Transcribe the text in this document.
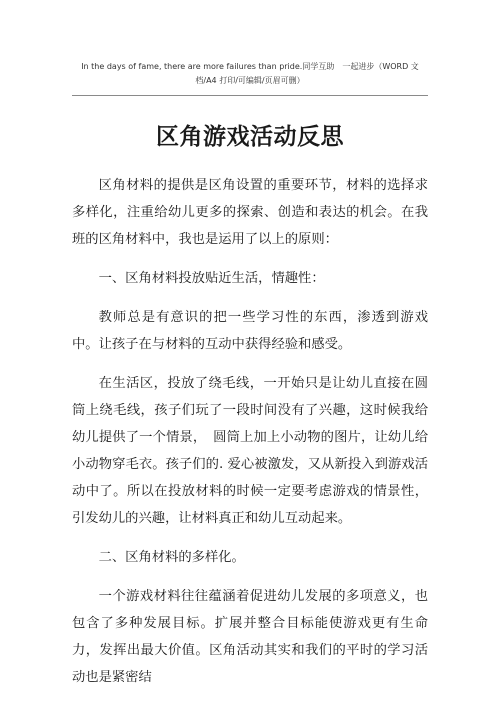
In the days of fame, there are more failures than pride.同学互助　一起进步（WORD 文档/A4 打印/可编辑/页眉可删）
区角游戏活动反思

区角材料的提供是区角设置的重要环节，材料的选择求多样化，注重给幼儿更多的探索、创造和表达的机会。在我班的区角材料中，我也是运用了以上的原则：

一、区角材料投放贴近生活，情趣性：

教师总是有意识的把一些学习性的东西，渗透到游戏中。让孩子在与材料的互动中获得经验和感受。

在生活区，投放了绕毛线，一开始只是让幼儿直接在圆筒上绕毛线，孩子们玩了一段时间没有了兴趣，这时候我给幼儿提供了一个情景，　圆筒上加上小动物的图片，让幼儿给小动物穿毛衣。孩子们的. 爱心被激发，又从新投入到游戏活动中了。所以在投放材料的时候一定要考虑游戏的情景性，引发幼儿的兴趣，让材料真正和幼儿互动起来。

二、区角材料的多样化。

一个游戏材料往往蕴涵着促进幼儿发展的多项意义，也包含了多种发展目标。扩展并整合目标能使游戏更有生命力，发挥出最大价值。区角活动其实和我们的平时的学习活动也是紧密结
